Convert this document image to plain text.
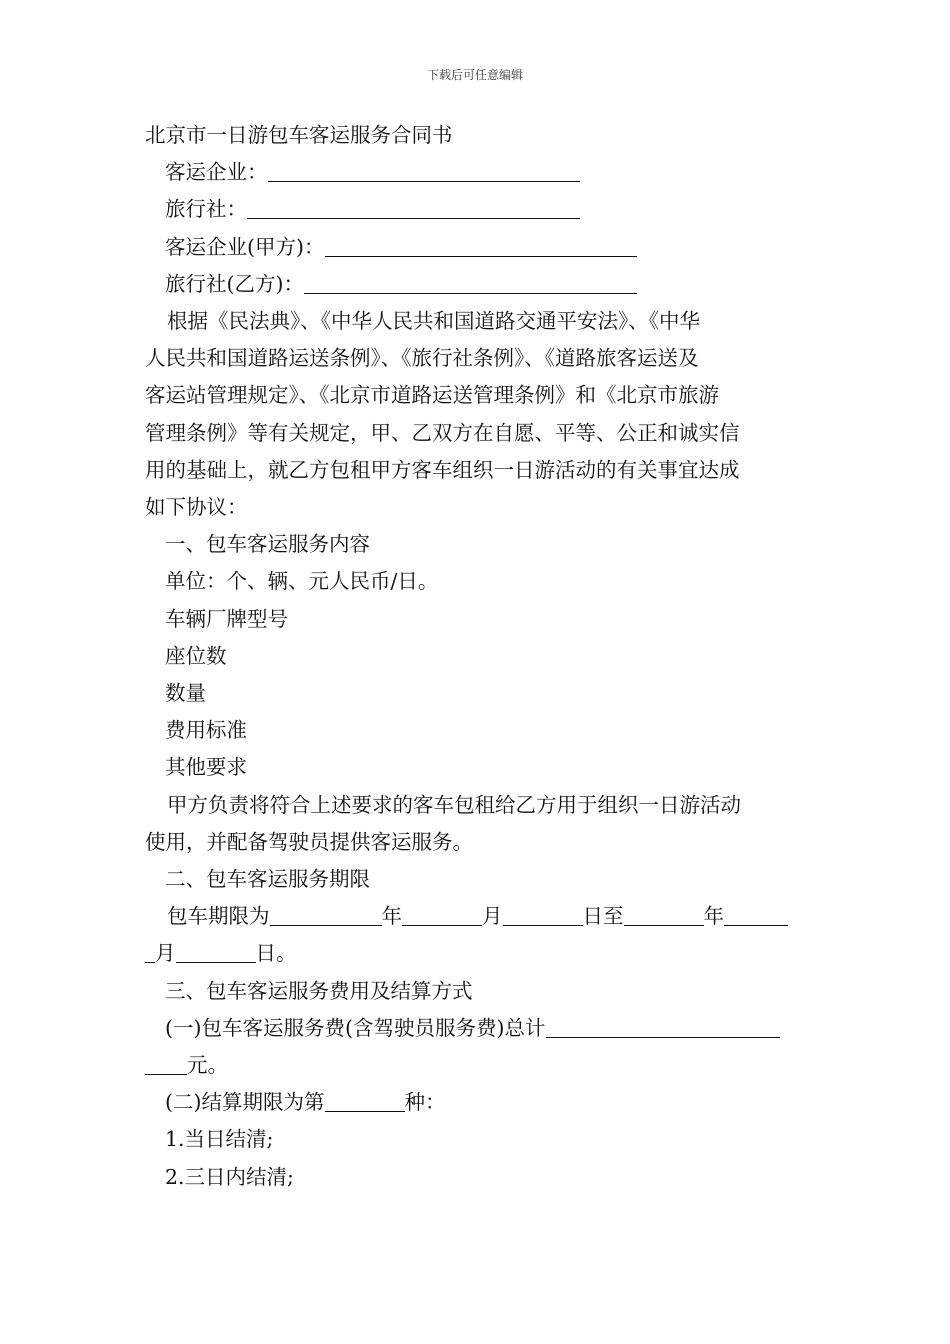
下载后可任意编辑

北京市一日游包车客运服务合同书

客运企业：

旅行社：

客运企业(甲方)：

旅行社(乙方)：

根据《民法典》、《中华人民共和国道路交通平安法》、《中华

人民共和国道路运送条例》、《旅行社条例》、《道路旅客运送及

客运站管理规定》、《北京市道路运送管理条例》和《北京市旅游

管理条例》等有关规定，甲、乙双方在自愿、平等、公正和诚实信

用的基础上，就乙方包租甲方客车组织一日游活动的有关事宜达成

如下协议：

一、包车客运服务内容

单位：个、辆、元人民币/日。

车辆厂牌型号

座位数

数量

费用标准

其他要求

甲方负责将符合上述要求的客车包租给乙方用于组织一日游活动

使用，并配备驾驶员提供客运服务。

二、包车客运服务期限

包车期限为	年	月	日至	年

月	日。

三、包车客运服务费用及结算方式

(一)包车客运服务费(含驾驶员服务费)总计

元。

(二)结算期限为第	种：

1.当日结清;

2.三日内结清;
